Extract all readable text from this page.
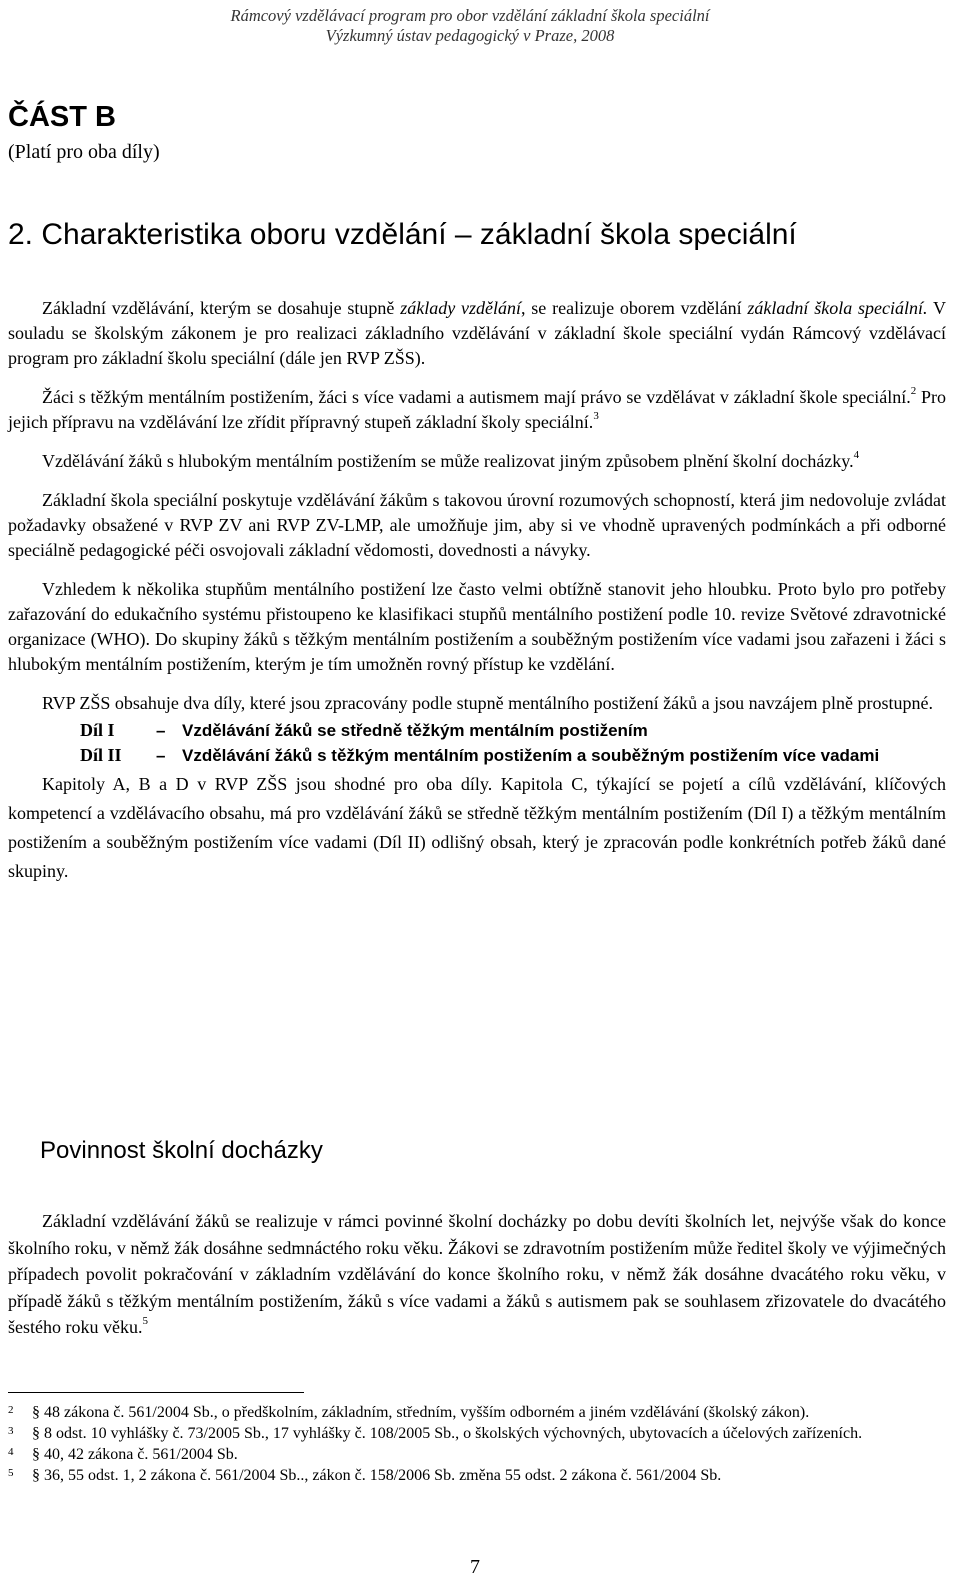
Rámcový vzdělávací program pro obor vzdělání základní škola speciální
Výzkumný ústav pedagogický v Praze, 2008
ČÁST B
(Platí pro oba díly)
2. Charakteristika oboru vzdělání – základní škola speciální

Základní vzdělávání, kterým se dosahuje stupně základy vzdělání, se realizuje oborem vzdělání základní škola speciální. V souladu se školským zákonem je pro realizaci základního vzdělávání v základní škole speciální vydán Rámcový vzdělávací program pro základní školu speciální (dále jen RVP ZŠS).

Žáci s těžkým mentálním postižením, žáci s více vadami a autismem mají právo se vzdělávat v základní škole speciální.$^2$ Pro jejich přípravu na vzdělávání lze zřídit přípravný stupeň základní školy speciální.$^3$

Vzdělávání žáků s hlubokým mentálním postižením se může realizovat jiným způsobem plnění školní docházky.$^4$

Základní škola speciální poskytuje vzdělávání žákům s takovou úrovní rozumových schopností, která jim nedovoluje zvládat požadavky obsažené v RVP ZV ani RVP ZV-LMP, ale umožňuje jim, aby si ve vhodně upravených podmínkách a při odborné speciálně pedagogické péči osvojovali základní vědomosti, dovednosti a návyky.

Vzhledem k několika stupňům mentálního postižení lze často velmi obtížně stanovit jeho hloubku. Proto bylo pro potřeby zařazování do edukačního systému přistoupeno ke klasifikaci stupňů mentálního postižení podle 10. revize Světové zdravotnické organizace (WHO). Do skupiny žáků s těžkým mentálním postižením a souběžným postižením více vadami jsou zařazeni i žáci s hlubokým mentálním postižením, kterým je tím umožněn rovný přístup ke vzdělání.

RVP ZŠS obsahuje dva díly, které jsou zpracovány podle stupně mentálního postižení žáků a jsou navzájem plně prostupné.

Díl I	– Vzdělávání žáků se středně těžkým mentálním postižením
Díl II	– Vzdělávání žáků s těžkým mentálním postižením a souběžným postižením více vadami

Kapitoly A, B a D v RVP ZŠS jsou shodné pro oba díly. Kapitola C, týkající se pojetí a cílů vzdělávání, klíčových kompetencí a vzdělávacího obsahu, má pro vzdělávání žáků se středně těžkým mentálním postižením (Díl I) a těžkým mentálním postižením a souběžným postižením více vadami (Díl II) odlišný obsah, který je zpracován podle konkrétních potřeb žáků dané skupiny.

Povinnost školní docházky

Základní vzdělávání žáků se realizuje v rámci povinné školní docházky po dobu devíti školních let, nejvýše však do konce školního roku, v němž žák dosáhne sedmnáctého roku věku. Žákovi se zdravotním postižením může ředitel školy ve výjimečných případech povolit pokračování v základním vzdělávání do konce školního roku, v němž žák dosáhne dvacátého roku věku, v případě žáků s těžkým mentálním postižením, žáků s více vadami a žáků s autismem pak se souhlasem zřizovatele do dvacátého šestého roku věku.$^5$

2	§ 48 zákona č. 561/2004 Sb., o předškolním, základním, středním, vyšším odborném a jiném vzdělávání (školský zákon).
3	§ 8 odst. 10 vyhlášky č. 73/2005 Sb., 17 vyhlášky č. 108/2005 Sb., o školských výchovných, ubytovacích a účelových zařízeních.
4	§ 40, 42 zákona č. 561/2004 Sb.
5	§ 36, 55 odst. 1, 2 zákona č. 561/2004 Sb.., zákon č. 158/2006 Sb. změna 55 odst. 2 zákona č. 561/2004 Sb.
7
